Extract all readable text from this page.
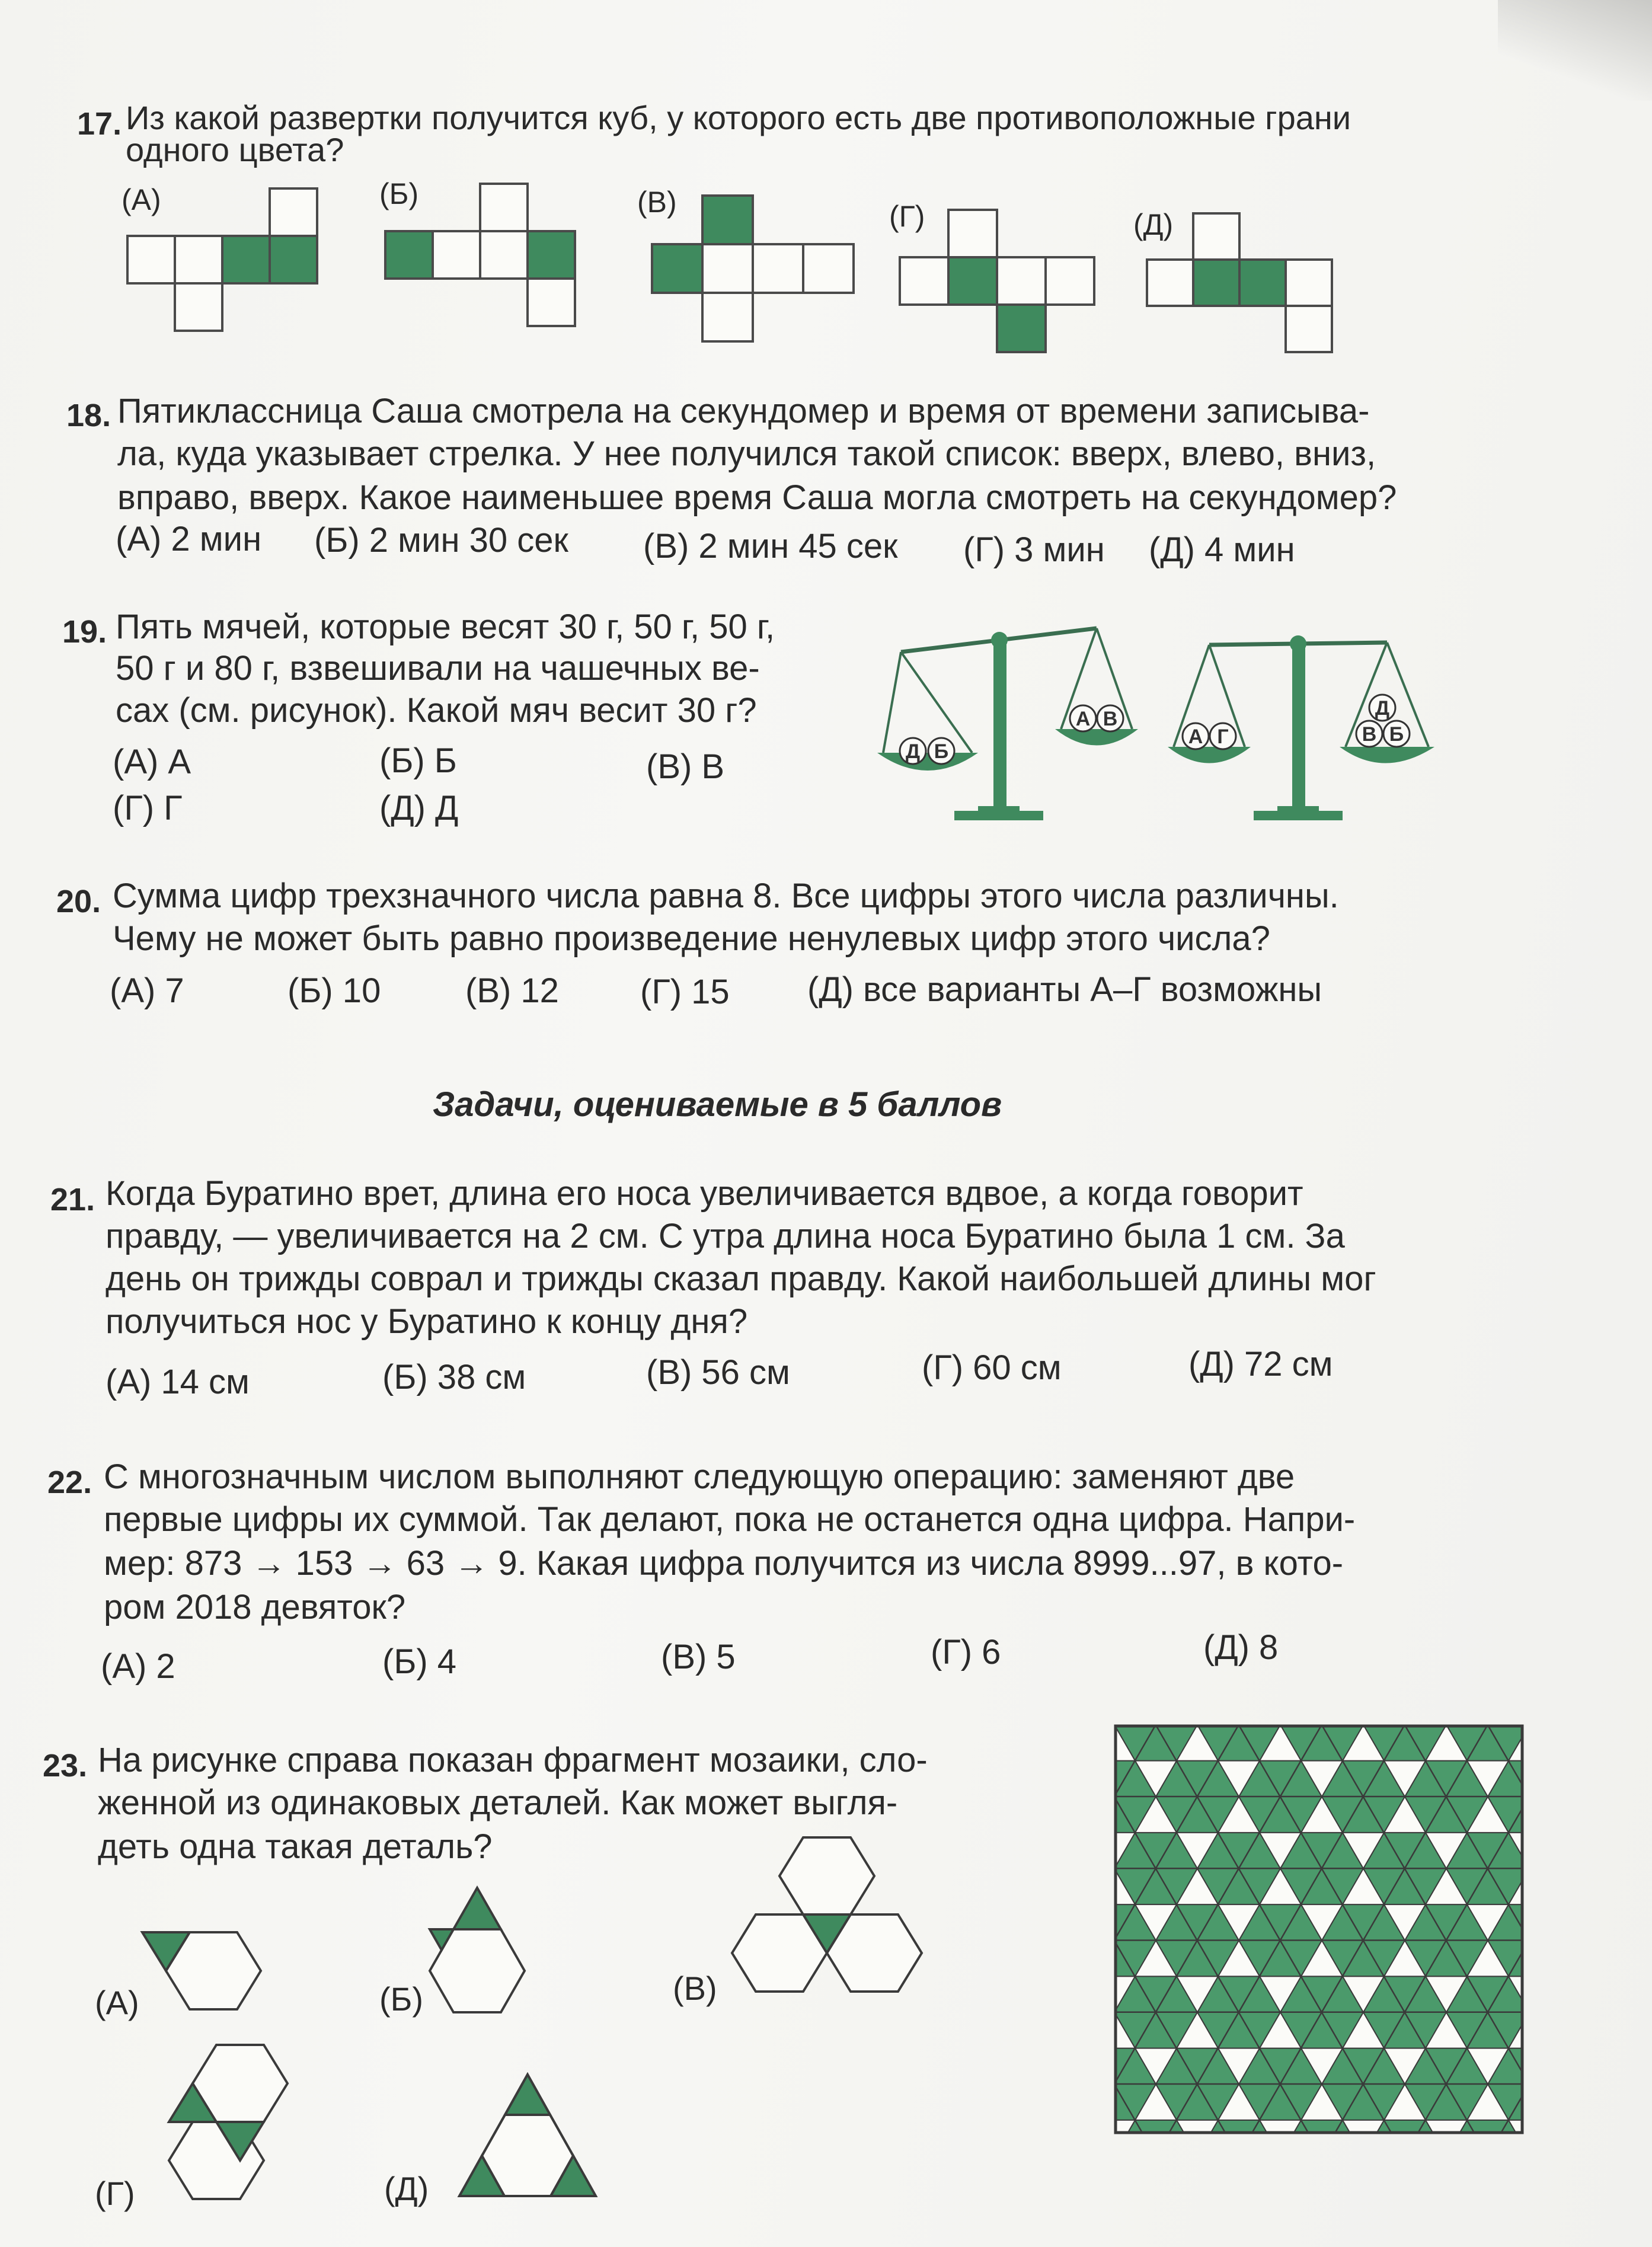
17. Из какой развертки получится куб, у которого есть две противоположные грани
одного цвета?
(А)	(Б)	(В)	(Г)	(Д)
18. Пятиклассница Саша смотрела на секундомер и время от времени записыва-
ла, куда указывает стрелка. У нее получился такой список: вверх, влево, вниз,
вправо, вверх. Какое наименьшее время Саша могла смотреть на секундомер?
(А) 2 мин (Б) 2 мин 30 сек (В) 2 мин 45 сек (Г) 3 мин (Д) 4 мин
19. Пять мячей, которые весят 30 г, 50 г, 50 г,
50 г и 80 г, взвешивали на чашечных ве-
сах (см. рисунок). Какой мяч весит 30 г?
(А) А	(Б) Б	(В) В
(Г) Г	(Д) Д
Д Б
А В
А Г
Д
В Б
20. Сумма цифр трехзначного числа равна 8. Все цифры этого числа различны.
Чему не может быть равно произведение ненулевых цифр этого числа?
(А) 7	(Б) 10 (В) 12 (Г) 15 (Д) все варианты А–Г возможны
Задачи, оцениваемые в 5 баллов
21. Когда Буратино врет, длина его носа увеличивается вдвое, а когда говорит
правду, — увеличивается на 2 см. С утра длина носа Буратино была 1 см. За
день он трижды соврал и трижды сказал правду. Какой наибольшей длины мог
получиться нос у Буратино к концу дня?
(А) 14 см	(Б) 38 см	(В) 56 см	(Г) 60 см	(Д) 72 см
22. С многозначным числом выполняют следующую операцию: заменяют две
первые цифры их суммой. Так делают, пока не останется одна цифра. Напри-
мер: 873 → 153 → 63 → 9. Какая цифра получится из числа 8999...97, в кото-
ром 2018 девяток?
(А) 2	(Б) 4	(В) 5	(Г) 6	(Д) 8
23. На рисунке справа показан фрагмент мозаики, сло-
женной из одинаковых деталей. Как может выгля-
деть одна такая деталь?
(А)	(Б)	(В)
(Г)	(Д)
